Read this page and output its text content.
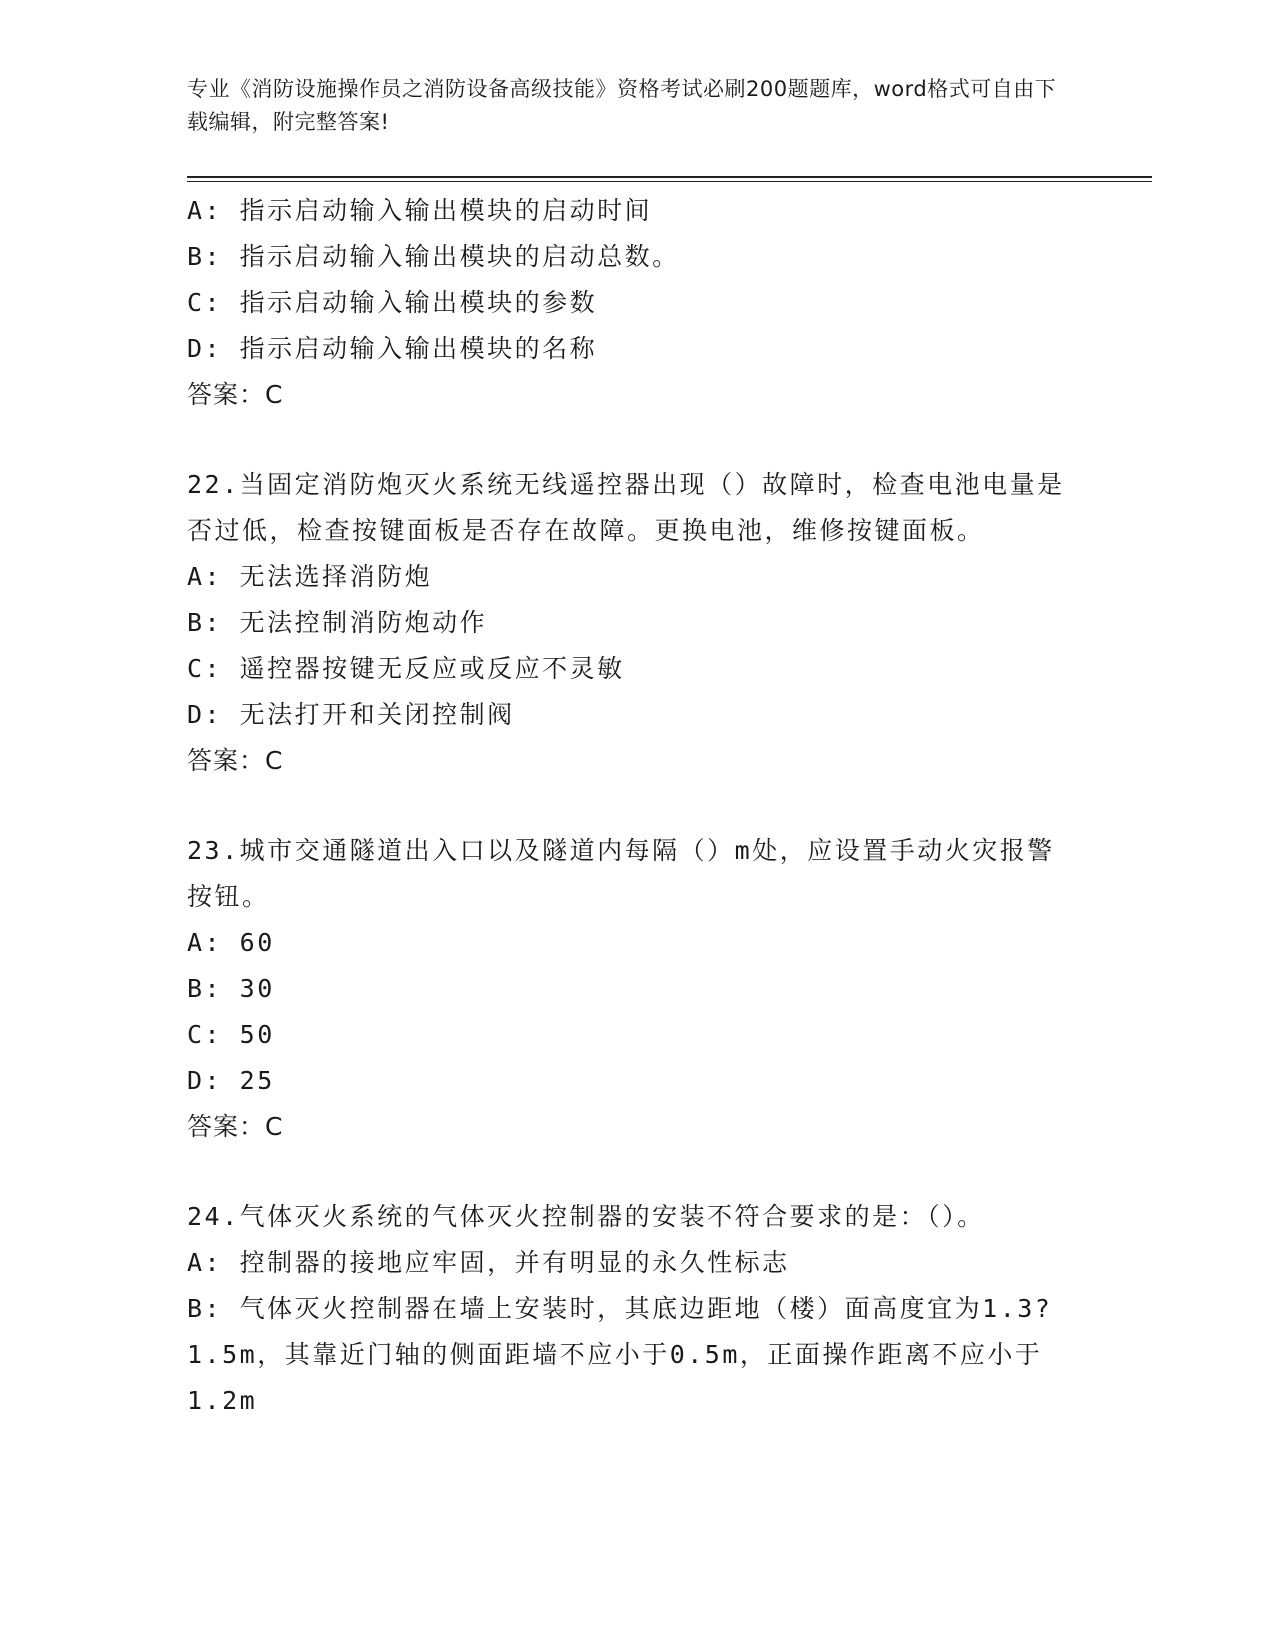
专业《消防设施操作员之消防设备高级技能》资格考试必刷200题题库，word格式可自由下载编辑，附完整答案!
A: 指示启动输入输出模块的启动时间
B: 指示启动输入输出模块的启动总数。
C: 指示启动输入输出模块的参数
D: 指示启动输入输出模块的名称
答案：C
22.当固定消防炮灭火系统无线遥控器出现（）故障时，检查电池电量是否过低，检查按键面板是否存在故障。更换电池，维修按键面板。
A: 无法选择消防炮
B: 无法控制消防炮动作
C: 遥控器按键无反应或反应不灵敏
D: 无法打开和关闭控制阀
答案：C
23.城市交通隧道出入口以及隧道内每隔（）m处，应设置手动火灾报警按钮。
A: 60
B: 30
C: 50
D: 25
答案：C
24.气体灭火系统的气体灭火控制器的安装不符合要求的是：（）。
A: 控制器的接地应牢固，并有明显的永久性标志
B: 气体灭火控制器在墙上安装时，其底边距地（楼）面高度宜为1.3?1.5m，其靠近门轴的侧面距墙不应小于0.5m，正面操作距离不应小于1.2m
